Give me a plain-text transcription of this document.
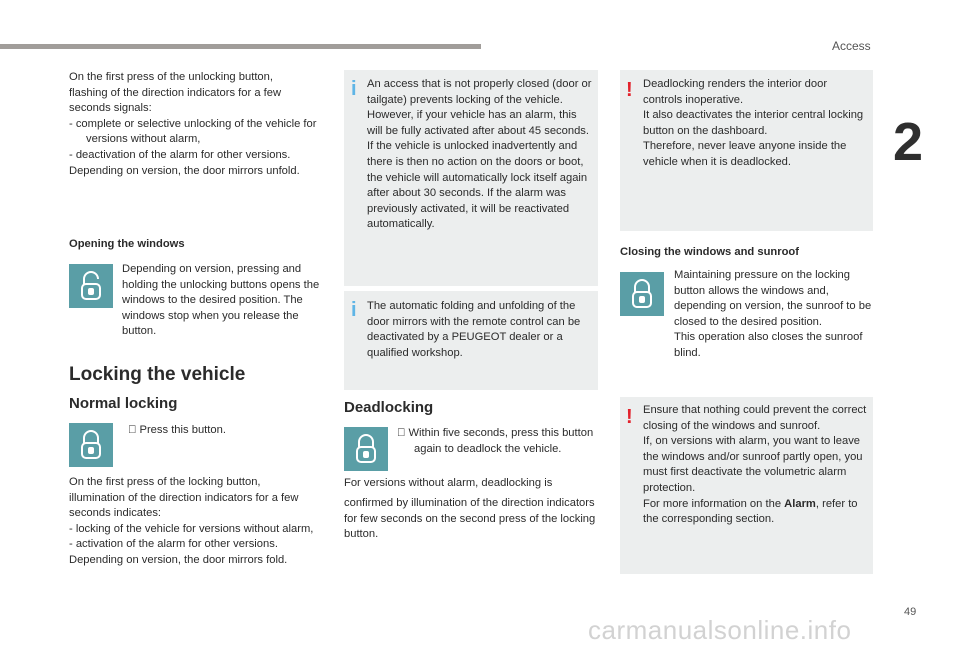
Access
2
49
carmanualsonline.info

On the first press of the unlocking button,

flashing of the direction indicators for a few

seconds signals:

- complete or selective unlocking of the vehicle for versions without alarm,

- deactivation of the alarm for other versions.

Depending on version, the door mirrors unfold.

Opening the windows
Depending on version, pressing and holding the unlocking buttons opens the windows to the desired position. The windows stop when you release the button.
Locking the vehicle
Normal locking
Press this button.

On the first press of the locking button,

illumination of the direction indicators for a few

seconds indicates:

- locking of the vehicle for versions without alarm,

- activation of the alarm for other versions.

Depending on version, the door mirrors fold.

i An access that is not properly closed (door or tailgate) prevents locking of the vehicle. However, if your vehicle has an alarm, this will be fully activated after about 45 seconds.

If the vehicle is unlocked inadvertently and there is then no action on the doors or boot, the vehicle will automatically lock itself again after about 30 seconds. If the alarm was previously activated, it will be reactivated automatically.

i The automatic folding and unfolding of the door mirrors with the remote control can be deactivated by a PEUGEOT dealer or a qualified workshop.

Deadlocking
Within five seconds, press this button again to deadlock the vehicle.
For versions without alarm, deadlocking is
confirmed by illumination of the direction indicators for few seconds on the second press of the locking button.
! Deadlocking renders the interior door controls inoperative.

It also deactivates the interior central locking button on the dashboard.

Therefore, never leave anyone inside the vehicle when it is deadlocked.

Closing the windows and sunroof

Maintaining pressure on the locking button allows the windows and, depending on version, the sunroof to be closed to the desired position.

This operation also closes the sunroof blind.

! Ensure that nothing could prevent the correct closing of the windows and sunroof.

If, on versions with alarm, you want to leave the windows and/or sunroof partly open, you must first deactivate the volumetric alarm protection.

For more information on the Alarm, refer to the corresponding section.
